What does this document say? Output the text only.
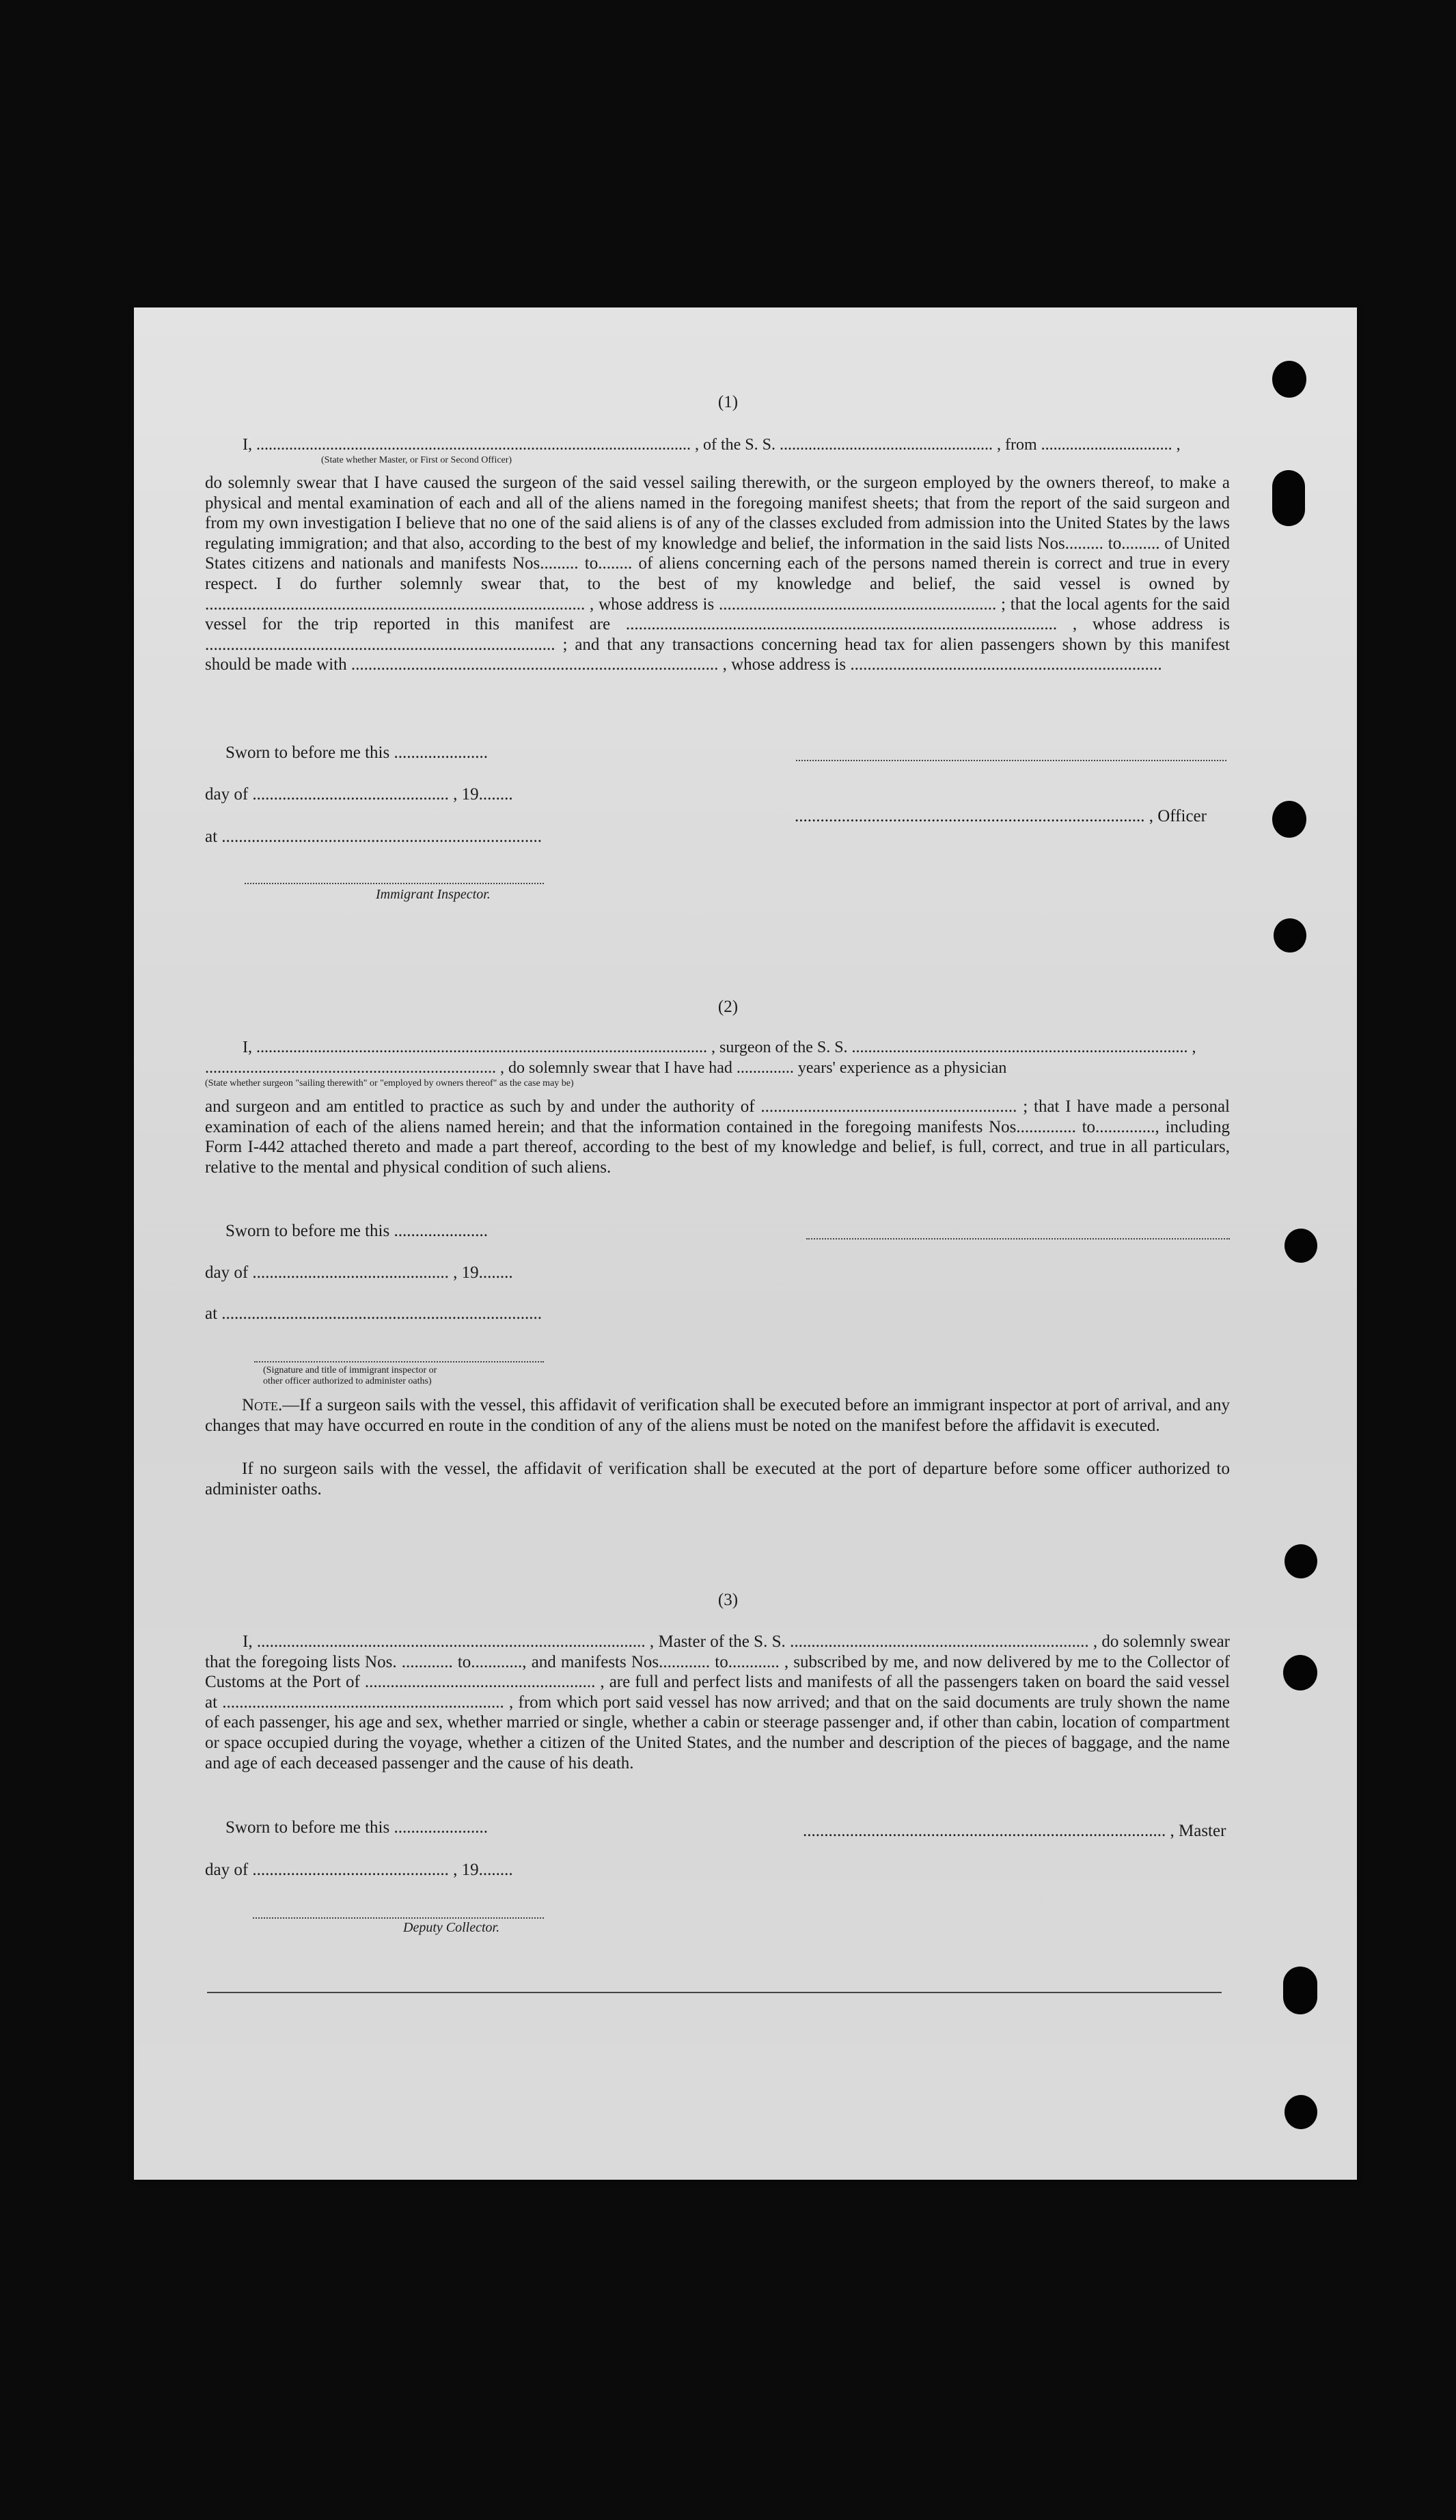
(1)
I, .......................................................................................................... , of the S. S. .................................................... , from ................................ ,
(State whether Master, or First or Second Officer)
do solemnly swear that I have caused the surgeon of the said vessel sailing therewith, or the surgeon employed by the owners thereof, to make a physical and mental examination of each and all of the aliens named in the foregoing manifest sheets; that from the report of the said surgeon and from my own investigation I believe that no one of the said aliens is of any of the classes excluded from admission into the United States by the laws regulating immigration; and that also, according to the best of my knowledge and belief, the information in the said lists Nos......... to......... of United States citizens and nationals and manifests Nos......... to........ of aliens concerning each of the persons named therein is correct and true in every respect. I do further solemnly swear that, to the best of my knowledge and belief, the said vessel is owned by ......................................................................................... , whose address is ................................................................. ; that the local agents for the said vessel for the trip reported in this manifest are ..................................................................................................... , whose address is .................................................................................. ; and that any transactions concerning head tax for alien passengers shown by this manifest should be made with ...................................................................................... , whose address is .........................................................................
Sworn to before me this ......................
day of .............................................. , 19........
.................................................................................. , Officer
at ...........................................................................
Immigrant Inspector.
(2)
I, .............................................................................................................. , surgeon of the S. S. .................................................................................. ,
....................................................................... , do solemnly swear that I have had .............. years' experience as a physician
(State whether surgeon "sailing therewith" or "employed by owners thereof" as the case may be)
and surgeon and am entitled to practice as such by and under the authority of ............................................................ ; that I have made a personal examination of each of the aliens named herein; and that the information contained in the foregoing manifests Nos.............. to.............., including Form I-442 attached thereto and made a part thereof, according to the best of my knowledge and belief, is full, correct, and true in all particulars, relative to the mental and physical condition of such aliens.
Sworn to before me this ......................
day of .............................................. , 19........
at ...........................................................................
(Signature and title of immigrant inspector or
other officer authorized to administer oaths)
Note.—If a surgeon sails with the vessel, this affidavit of verification shall be executed before an immigrant inspector at port of arrival, and any changes that may have occurred en route in the condition of any of the aliens must be noted on the manifest before the affidavit is executed.
If no surgeon sails with the vessel, the affidavit of verification shall be executed at the port of departure before some officer authorized to administer oaths.
(3)
I, ........................................................................................... , Master of the S. S. ...................................................................... , do solemnly swear that the foregoing lists Nos. ............ to............, and manifests Nos............ to............ , subscribed by me, and now delivered by me to the Collector of Customs at the Port of ...................................................... , are full and perfect lists and manifests of all the passengers taken on board the said vessel at .................................................................. , from which port said vessel has now arrived; and that on the said documents are truly shown the name of each passenger, his age and sex, whether married or single, whether a cabin or steerage passenger and, if other than cabin, location of compartment or space occupied during the voyage, whether a citizen of the United States, and the number and description of the pieces of baggage, and the name and age of each deceased passenger and the cause of his death.
Sworn to before me this ......................	..................................................................................... , Master
day of .............................................. , 19........
Deputy Collector.
